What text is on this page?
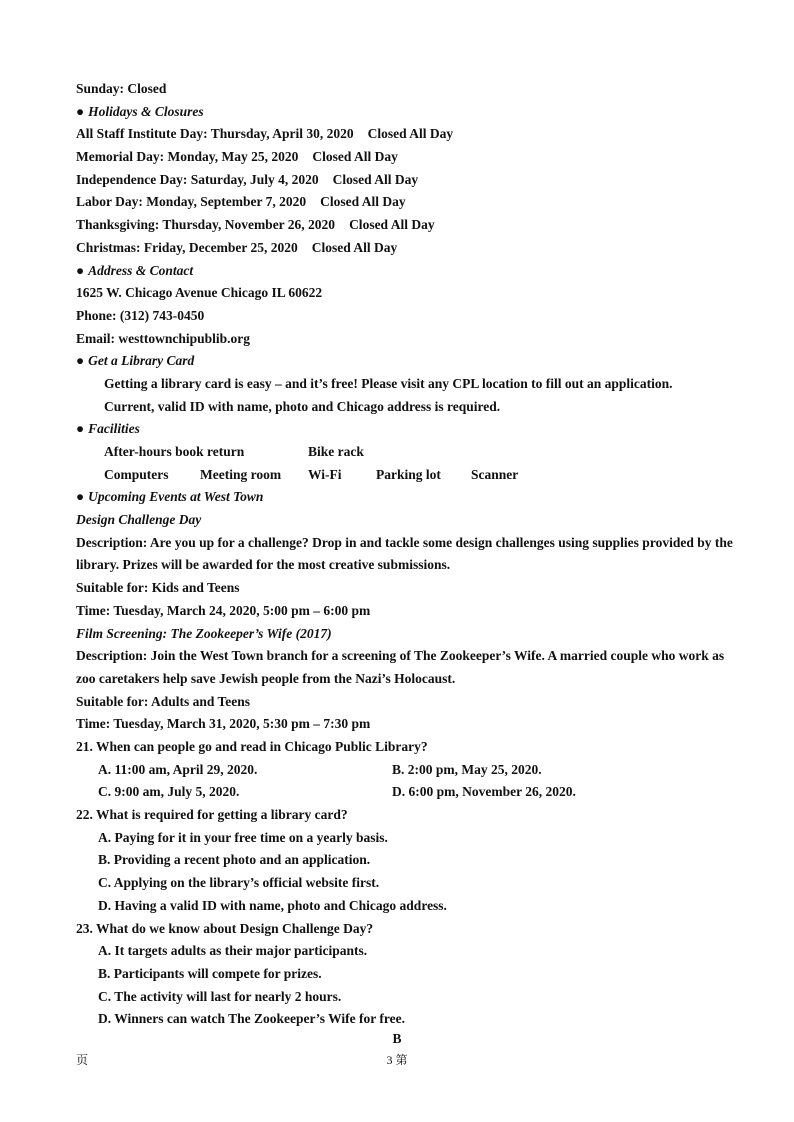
Sunday: Closed
● Holidays & Closures
All Staff Institute Day: Thursday, April 30, 2020 Closed All Day
Memorial Day: Monday, May 25, 2020 Closed All Day
Independence Day: Saturday, July 4, 2020 Closed All Day
Labor Day: Monday, September 7, 2020 Closed All Day
Thanksgiving: Thursday, November 26, 2020 Closed All Day
Christmas: Friday, December 25, 2020 Closed All Day
● Address & Contact
1625 W. Chicago Avenue Chicago IL 60622
Phone: (312) 743-0450
Email: westtownchipublib.org
● Get a Library Card
Getting a library card is easy – and it’s free! Please visit any CPL location to fill out an application.
Current, valid ID with name, photo and Chicago address is required.
● Facilities
After-hours book return	Bike rack
Computers Meeting room Wi-Fi	Parking lot Scanner
● Upcoming Events at West Town
Design Challenge Day
Description: Are you up for a challenge? Drop in and tackle some design challenges using supplies provided by the library. Prizes will be awarded for the most creative submissions.
Suitable for: Kids and Teens
Time: Tuesday, March 24, 2020, 5:00 pm – 6:00 pm
Film Screening: The Zookeeper’s Wife (2017)
Description: Join the West Town branch for a screening of The Zookeeper’s Wife. A married couple who work as zoo caretakers help save Jewish people from the Nazi’s Holocaust.
Suitable for: Adults and Teens
Time: Tuesday, March 31, 2020, 5:30 pm – 7:30 pm
21. When can people go and read in Chicago Public Library?
A. 11:00 am, April 29, 2020.	B. 2:00 pm, May 25, 2020.
C. 9:00 am, July 5, 2020.	D. 6:00 pm, November 26, 2020.
22. What is required for getting a library card?
A. Paying for it in your free time on a yearly basis.
B. Providing a recent photo and an application.
C. Applying on the library’s official website first.
D. Having a valid ID with name, photo and Chicago address.
23. What do we know about Design Challenge Day?
A. It targets adults as their major participants.
B. Participants will compete for prizes.
C. The activity will last for nearly 2 hours.
D. Winners can watch The Zookeeper’s Wife for free.
B
页	3 第
